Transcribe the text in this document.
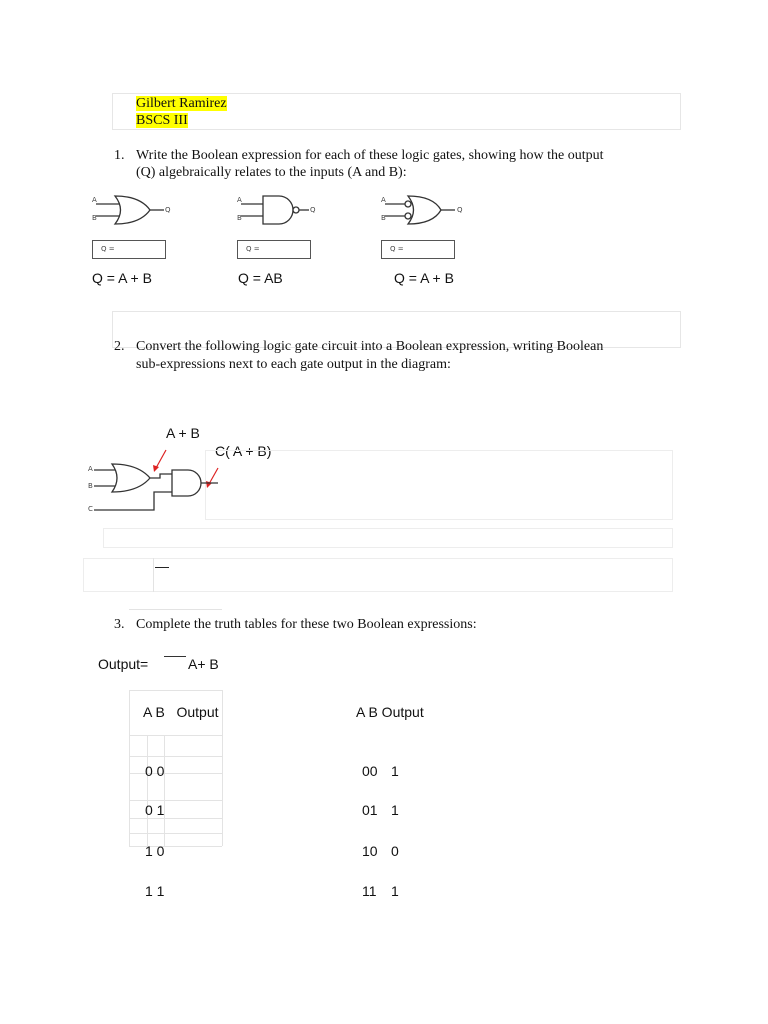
Gilbert Ramirez
BSCS III
1. Write the Boolean expression for each of these logic gates, showing how the output
(Q) algebraically relates to the inputs (A and B):
A
B
Q
A
B
Q
A
B
Q
Q =	Q =	Q =
Q = A + B	Q = AB	Q = A + B
2. Convert the following logic gate circuit into a Boolean expression, writing Boolean
sub-expressions next to each gate output in the diagram:
A + B
C( A + B)
—
A
B
C
3. Complete the truth tables for these two Boolean expressions:
Output=	A+ B
A B   Output
0 0
0 1
1 0
1 1
A B Output
00 1
01 1
10 0
11 1
